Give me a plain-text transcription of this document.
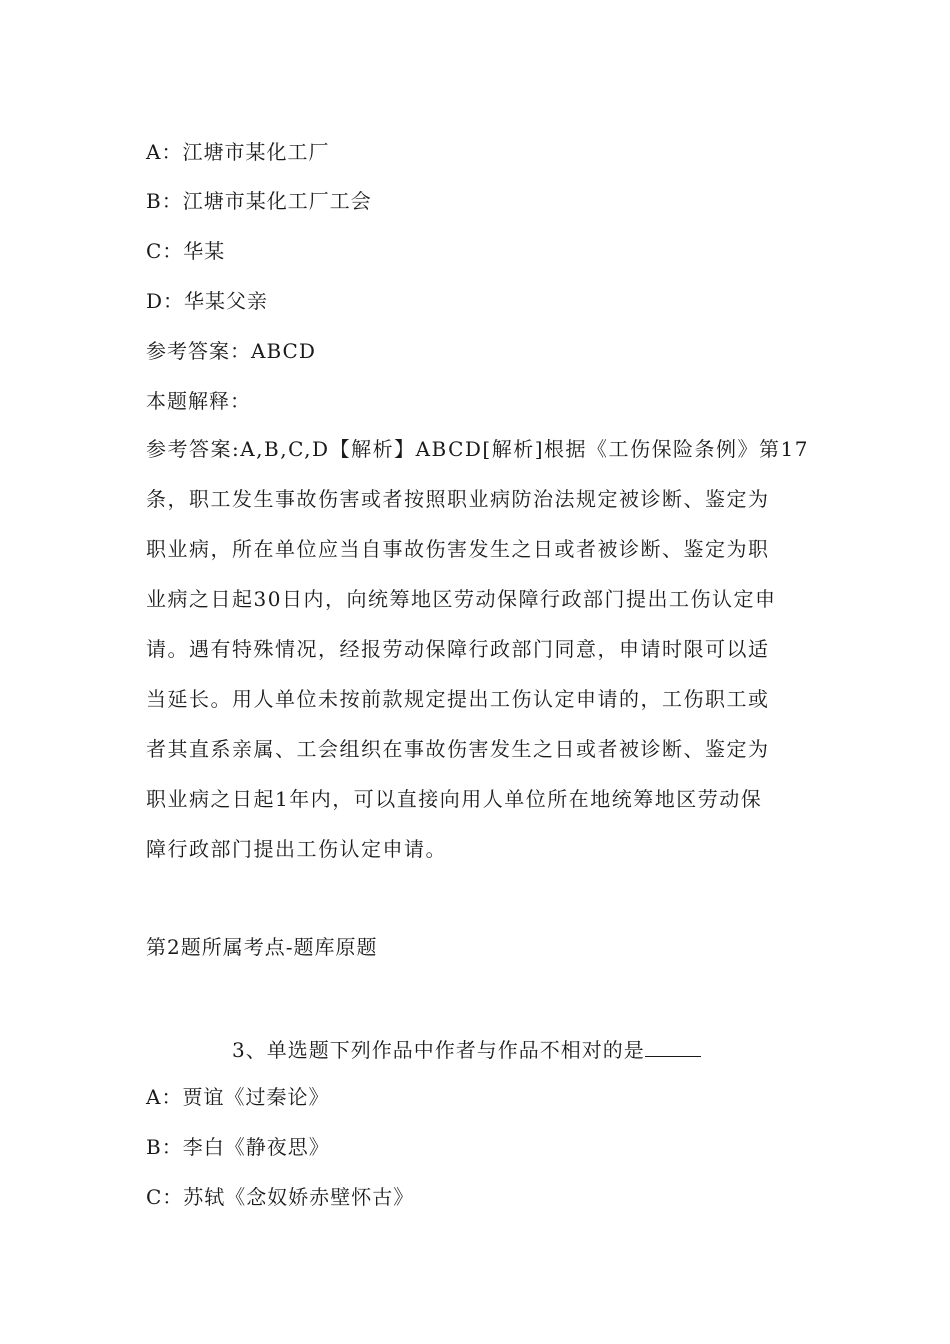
A：江塘市某化工厂
B：江塘市某化工厂工会
C：华某
D：华某父亲
参考答案：ABCD
本题解释：
参考答案:A,B,C,D【解析】ABCD[解析]根据《工伤保险条例》第17
条，职工发生事故伤害或者按照职业病防治法规定被诊断、鉴定为
职业病，所在单位应当自事故伤害发生之日或者被诊断、鉴定为职
业病之日起30日内，向统筹地区劳动保障行政部门提出工伤认定申
请。遇有特殊情况，经报劳动保障行政部门同意，申请时限可以适
当延长。用人单位未按前款规定提出工伤认定申请的，工伤职工或
者其直系亲属、工会组织在事故伤害发生之日或者被诊断、鉴定为
职业病之日起1年内，可以直接向用人单位所在地统筹地区劳动保
障行政部门提出工伤认定申请。
第2题所属考点-题库原题
3、单选题下列作品中作者与作品不相对的是
A：贾谊《过秦论》
B：李白《静夜思》
C：苏轼《念奴娇赤壁怀古》
